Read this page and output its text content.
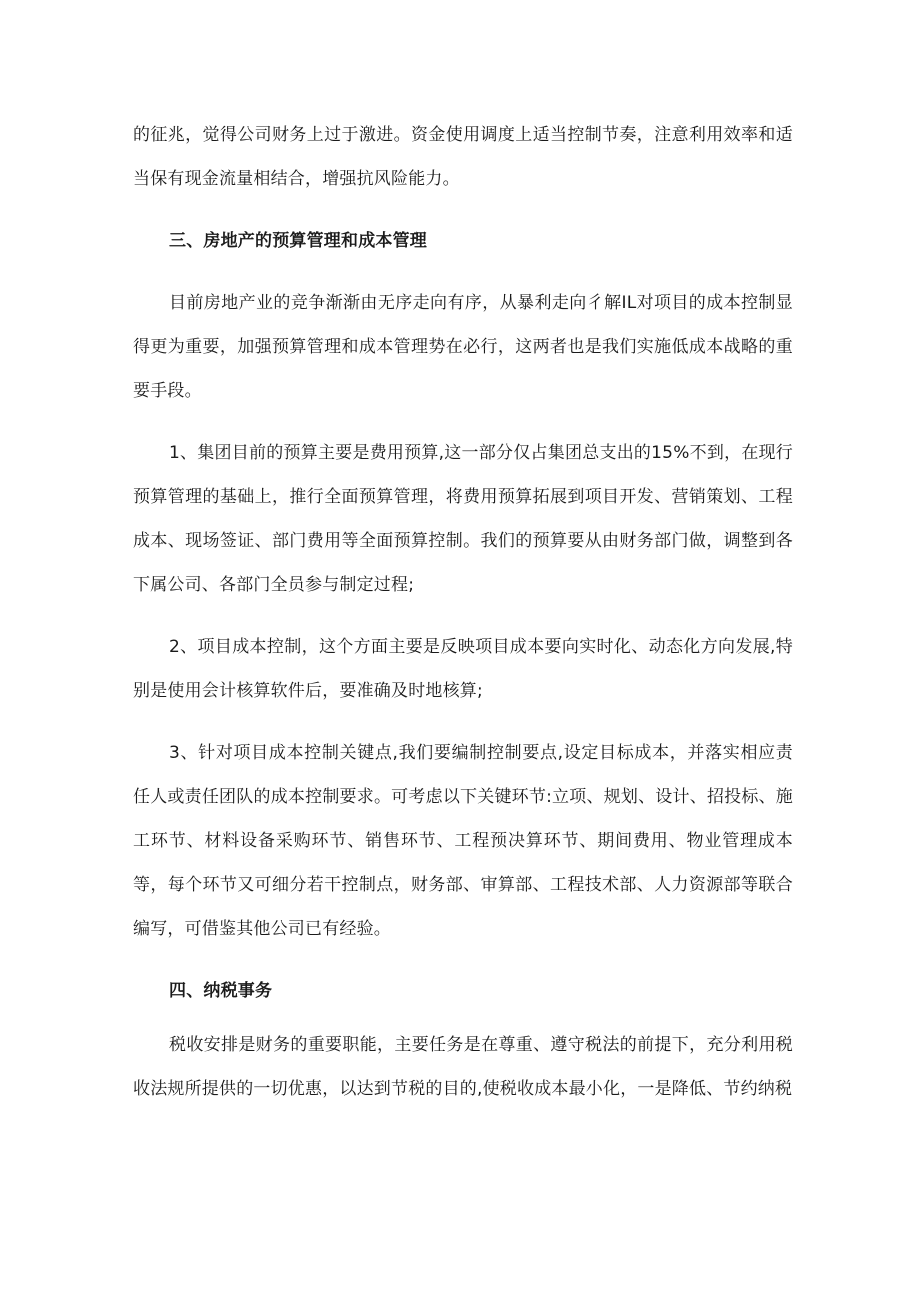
的征兆，觉得公司财务上过于激进。资金使用调度上适当控制节奏，注意利用效率和适当保有现金流量相结合，增强抗风险能力。

三、房地产的预算管理和成本管理

目前房地产业的竞争渐渐由无序走向有序，从暴利走向彳解IL对项目的成本控制显得更为重要，加强预算管理和成本管理势在必行，这两者也是我们实施低成本战略的重要手段。

1、集团目前的预算主要是费用预算,这一部分仅占集团总支出的15%不到，在现行预算管理的基础上，推行全面预算管理，将费用预算拓展到项目开发、营销策划、工程成本、现场签证、部门费用等全面预算控制。我们的预算要从由财务部门做，调整到各下属公司、各部门全员参与制定过程;

2、项目成本控制，这个方面主要是反映项目成本要向实时化、动态化方向发展,特别是使用会计核算软件后，要准确及时地核算;

3、针对项目成本控制关键点,我们要编制控制要点,设定目标成本，并落实相应责任人或责任团队的成本控制要求。可考虑以下关键环节:立项、规划、设计、招投标、施工环节、材料设备采购环节、销售环节、工程预决算环节、期间费用、物业管理成本等，每个环节又可细分若干控制点，财务部、审算部、工程技术部、人力资源部等联合编写，可借鉴其他公司已有经验。

四、纳税事务

税收安排是财务的重要职能，主要任务是在尊重、遵守税法的前提下，充分利用税收法规所提供的一切优惠，以达到节税的目的,使税收成本最小化，一是降低、节约纳税
